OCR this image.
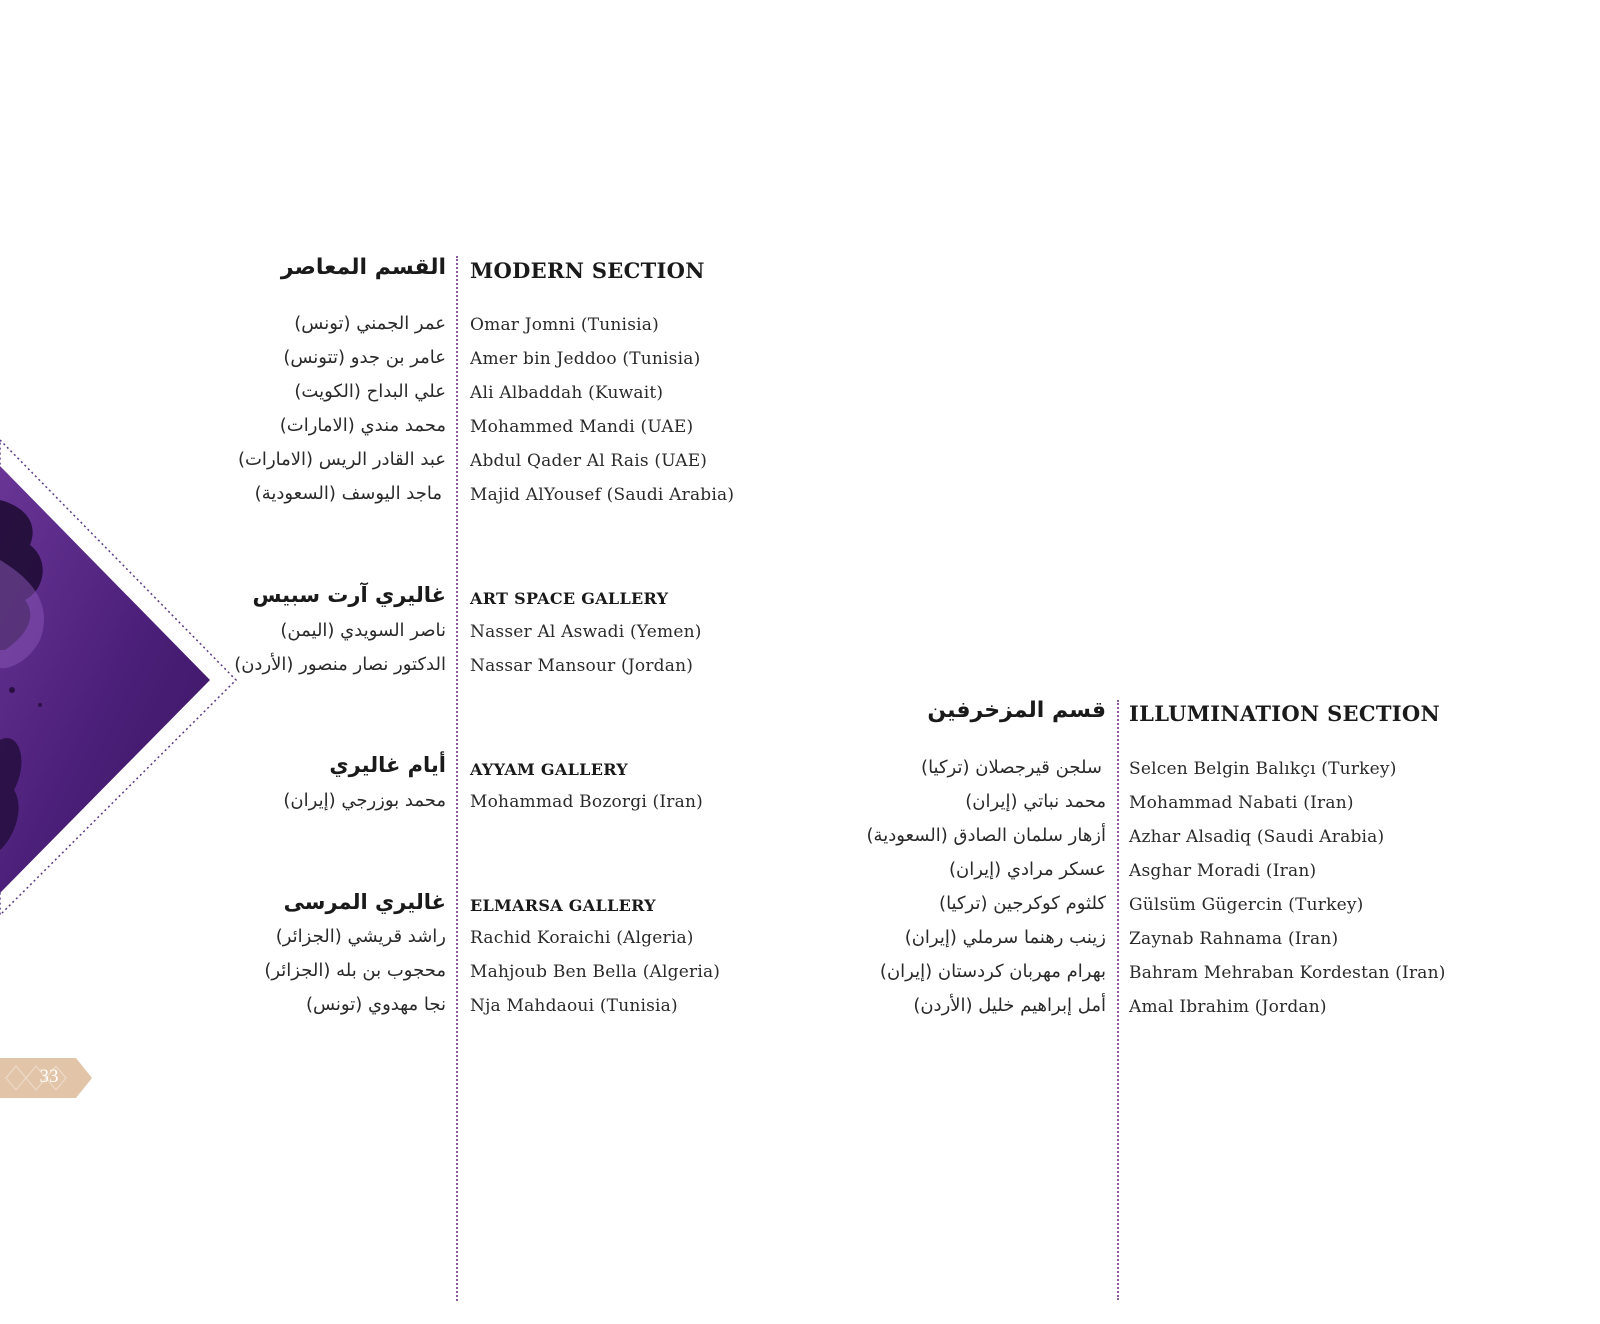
33
القسم المعاصر MODERN SECTION
عمر الجمني (تونس)
عامر بن جدو (تتونس)
علي البداح (الكويت)
محمد مندي (الامارات)
عبد القادر الريس (الامارات)
ماجد اليوسف (السعودية)
Omar Jomni (Tunisia)
Amer bin Jeddoo (Tunisia)
Ali Albaddah (Kuwait)
Mohammed Mandi (UAE)
Abdul Qader Al Rais (UAE)
Majid AlYousef (Saudi Arabia)
غاليري آرت سبيس ART SPACE GALLERY
ناصر السويدي (اليمن)
الدكتور نصار منصور (الأردن)
Nasser Al Aswadi (Yemen)
Nassar Mansour (Jordan)
أيام غاليري AYYAM GALLERY
محمد بوزرجي (إيران) Mohammad Bozorgi (Iran)
غاليري المرسى ELMARSA GALLERY
راشد قريشي (الجزائر)
محجوب بن بله (الجزائر)
نجا مهدوي (تونس)
Rachid Koraichi (Algeria)
Mahjoub Ben Bella (Algeria)
Nja Mahdaoui (Tunisia)
قسم المزخرفين ILLUMINATION SECTION
سلجن قيرجصلان (تركيا)
محمد نباتي (إيران)
أزهار سلمان الصادق (السعودية)
عسكر مرادي (إيران)
كلثوم كوكرجين (تركيا)
زينب رهنما سرملي (إيران)
بهرام مهربان كردستان (إيران)
أمل إبراهيم خليل (الأردن)
Selcen Belgin Balıkçı (Turkey)
Mohammad Nabati (Iran)
Azhar Alsadiq (Saudi Arabia)
Asghar Moradi (Iran)
Gülsüm Gügercin (Turkey)
Zaynab Rahnama (Iran)
Bahram Mehraban Kordestan (Iran)
Amal Ibrahim (Jordan)
